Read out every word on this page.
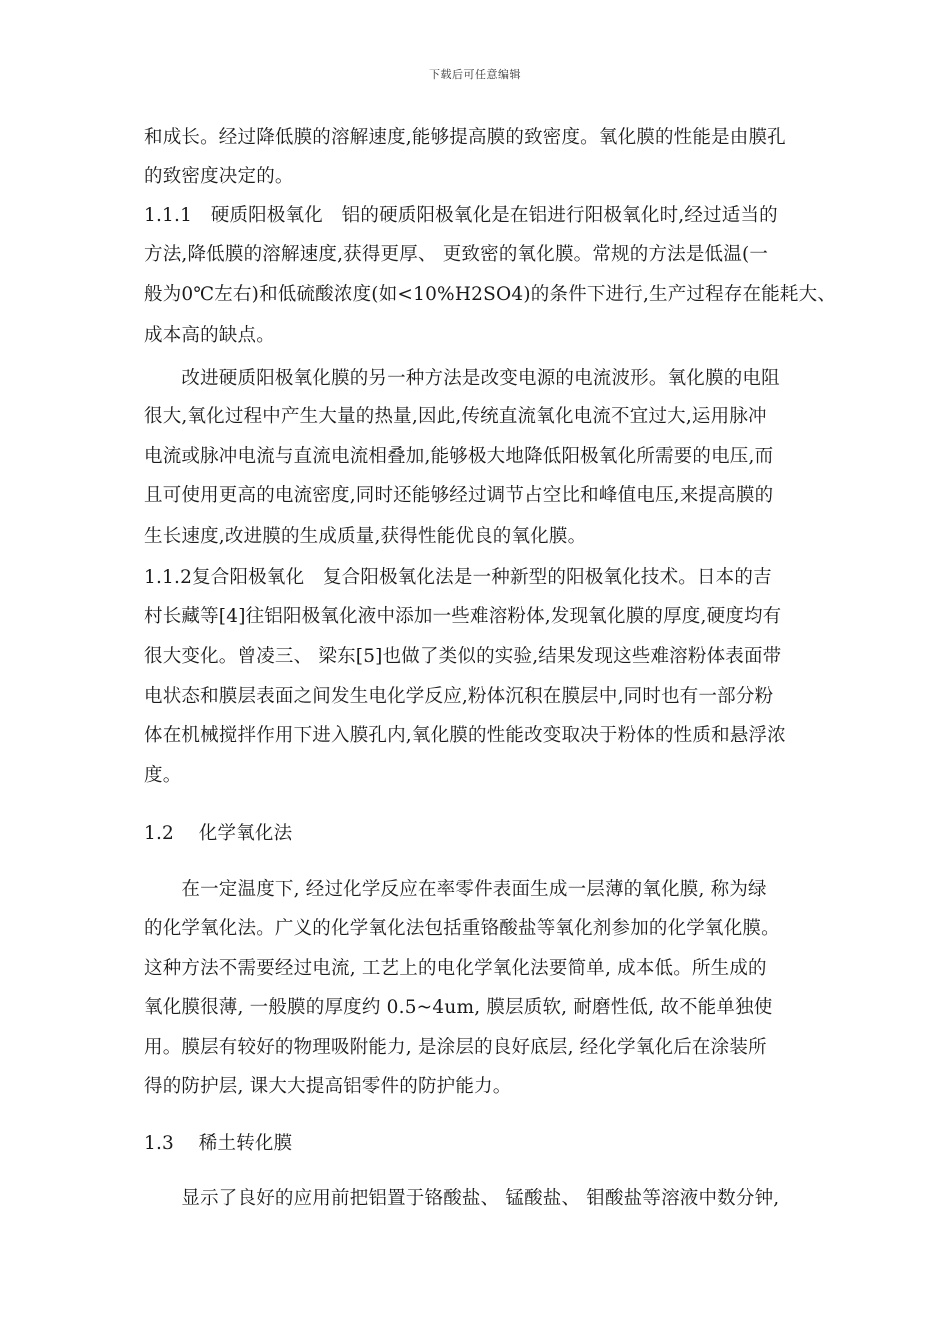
下载后可任意编辑
和成长。经过降低膜的溶解速度,能够提高膜的致密度。氧化膜的性能是由膜孔
的致密度决定的。
1.1.1　硬质阳极氧化　铝的硬质阳极氧化是在铝进行阳极氧化时,经过适当的
方法,降低膜的溶解速度,获得更厚、 更致密的氧化膜。常规的方法是低温(一
般为0℃左右)和低硫酸浓度(如<10%H2SO4)的条件下进行,生产过程存在能耗大、
成本高的缺点。
　　改进硬质阳极氧化膜的另一种方法是改变电源的电流波形。氧化膜的电阻
很大,氧化过程中产生大量的热量,因此,传统直流氧化电流不宜过大,运用脉冲
电流或脉冲电流与直流电流相叠加,能够极大地降低阳极氧化所需要的电压,而
且可使用更高的电流密度,同时还能够经过调节占空比和峰值电压,来提高膜的
生长速度,改进膜的生成质量,获得性能优良的氧化膜。
1.1.2复合阳极氧化　复合阳极氧化法是一种新型的阳极氧化技术。日本的吉
村长藏等[4]往铝阳极氧化液中添加一些难溶粉体,发现氧化膜的厚度,硬度均有
很大变化。曾凌三、 梁东[5]也做了类似的实验,结果发现这些难溶粉体表面带
电状态和膜层表面之间发生电化学反应,粉体沉积在膜层中,同时也有一部分粉
体在机械搅拌作用下进入膜孔内,氧化膜的性能改变取决于粉体的性质和悬浮浓
度。
1.2　 化学氧化法
　　在一定温度下, 经过化学反应在率零件表面生成一层薄的氧化膜, 称为绿
的化学氧化法。广义的化学氧化法包括重铬酸盐等氧化剂参加的化学氧化膜。
这种方法不需要经过电流, 工艺上的电化学氧化法要简单, 成本低。所生成的
氧化膜很薄, 一般膜的厚度约 0.5~4um, 膜层质软, 耐磨性低, 故不能单独使
用。膜层有较好的物理吸附能力, 是涂层的良好底层, 经化学氧化后在涂装所
得的防护层, 课大大提高铝零件的防护能力。
1.3　 稀土转化膜
　　显示了良好的应用前把铝置于铬酸盐、 锰酸盐、 钼酸盐等溶液中数分钟,
